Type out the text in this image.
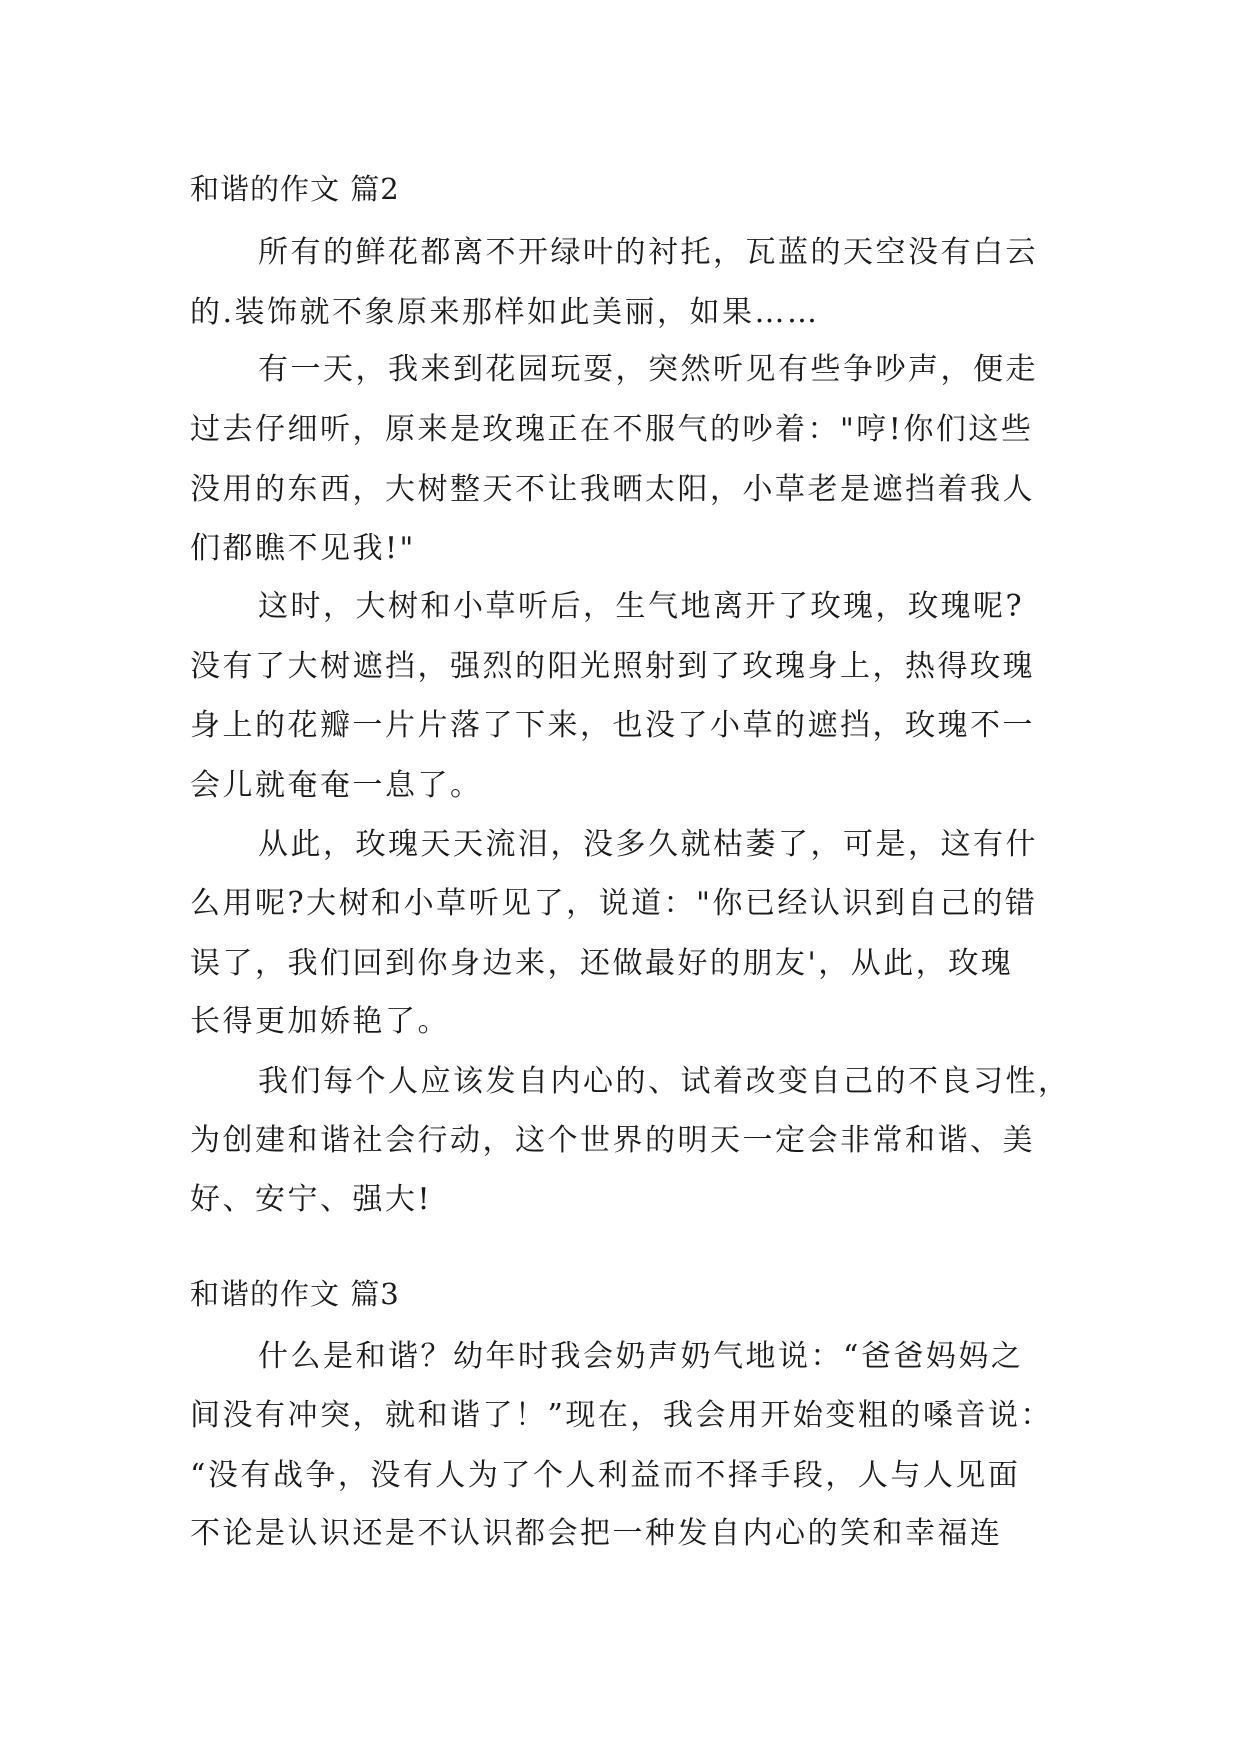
和谐的作文 篇2
所有的鲜花都离不开绿叶的衬托，瓦蓝的天空没有白云
的.装饰就不象原来那样如此美丽，如果……
有一天，我来到花园玩耍，突然听见有些争吵声，便走
过去仔细听，原来是玫瑰正在不服气的吵着："哼!你们这些
没用的东西，大树整天不让我晒太阳，小草老是遮挡着我人
们都瞧不见我!"
这时，大树和小草听后，生气地离开了玫瑰，玫瑰呢?
没有了大树遮挡，强烈的阳光照射到了玫瑰身上，热得玫瑰
身上的花瓣一片片落了下来，也没了小草的遮挡，玫瑰不一
会儿就奄奄一息了。
从此，玫瑰天天流泪，没多久就枯萎了，可是，这有什
么用呢?大树和小草听见了，说道："你已经认识到自己的错
误了，我们回到你身边来，还做最好的朋友'，从此，玫瑰
长得更加娇艳了。
我们每个人应该发自内心的、试着改变自己的不良习性，
为创建和谐社会行动，这个世界的明天一定会非常和谐、美
好、安宁、强大!
和谐的作文 篇3
什么是和谐？幼年时我会奶声奶气地说：“爸爸妈妈之
间没有冲突，就和谐了！”现在，我会用开始变粗的嗓音说：
“没有战争，没有人为了个人利益而不择手段，人与人见面
不论是认识还是不认识都会把一种发自内心的笑和幸福连
